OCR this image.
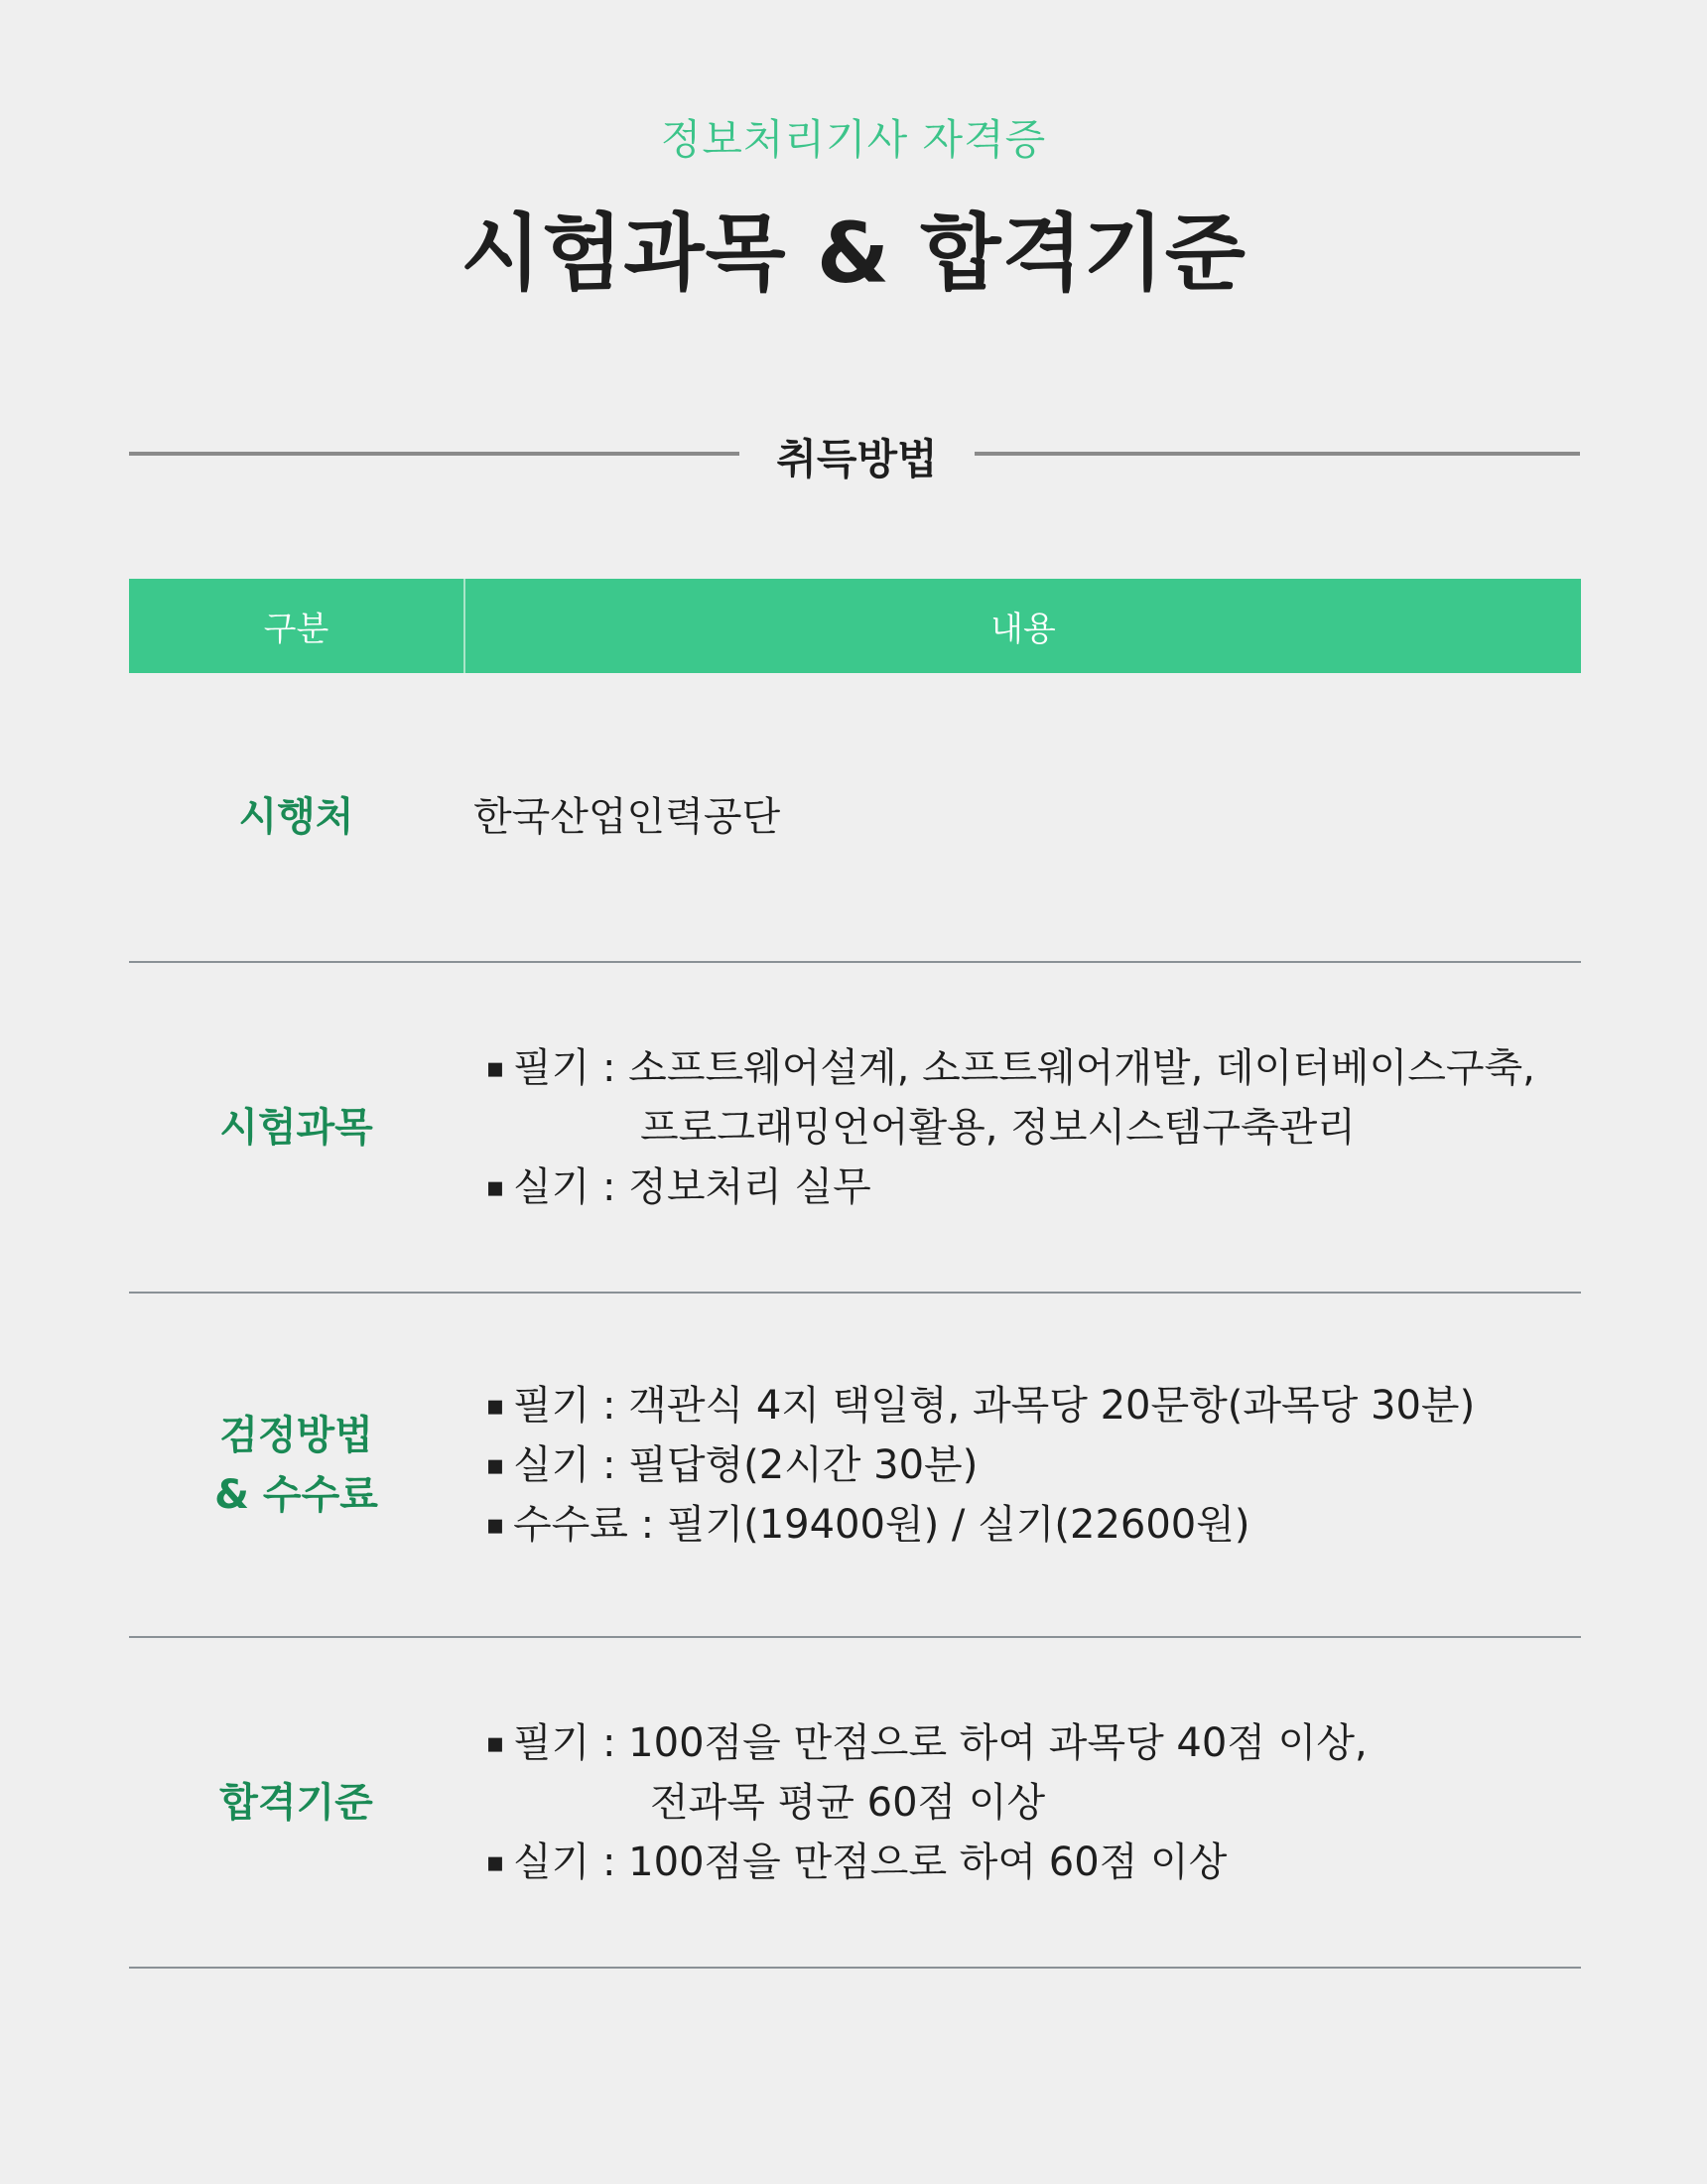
정보처리기사 자격증
시험과목 & 합격기준
취득방법
구분	내용
시행처	한국산업인력공단
시험과목
▪ 필기 : 소프트웨어설계, 소프트웨어개발, 데이터베이스구축,
프로그래밍언어활용, 정보시스템구축관리
▪ 실기 : 정보처리 실무
검정방법
& 수수료
▪ 필기 : 객관식 4지 택일형, 과목당 20문항(과목당 30분)
▪ 실기 : 필답형(2시간 30분)
▪ 수수료 : 필기(19400원) / 실기(22600원)
합격기준
▪ 필기 : 100점을 만점으로 하여 과목당 40점 이상,
전과목 평균 60점 이상
▪ 실기 : 100점을 만점으로 하여 60점 이상
